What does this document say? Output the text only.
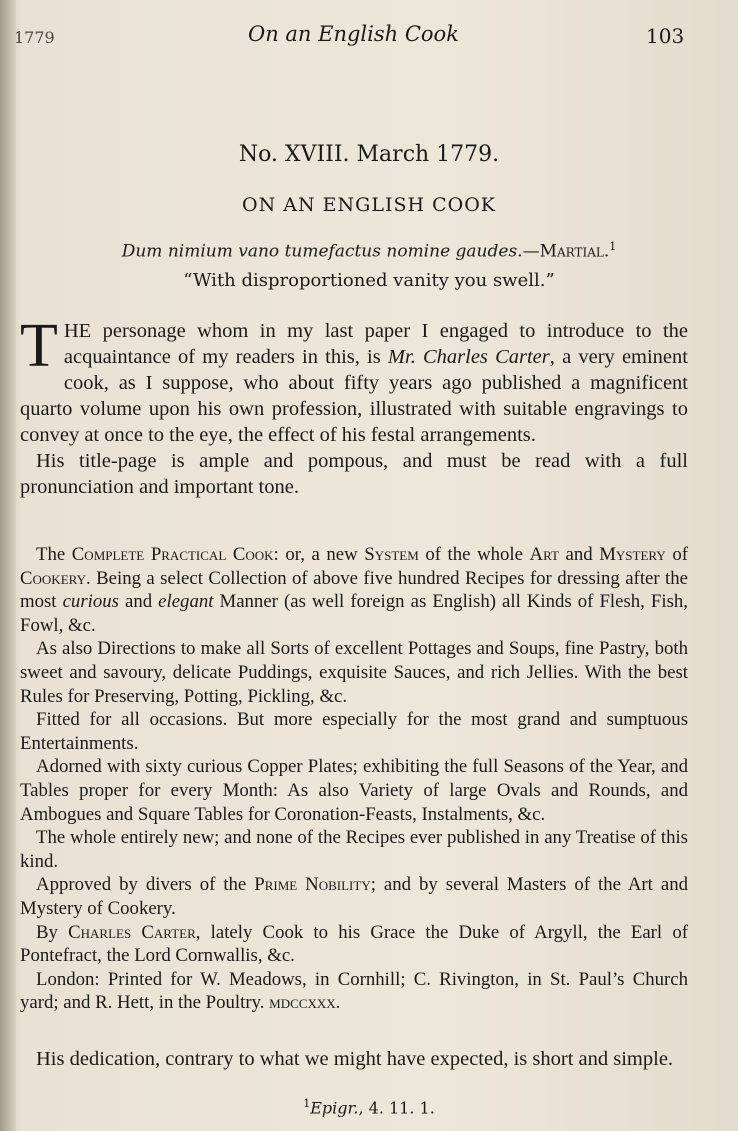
1779	On an English Cook	103
No. XVIII. March 1779.
ON AN ENGLISH COOK
Dum nimium vano tumefactus nomine gaudes.—Martial.$^1$
“With disproportioned vanity you swell.”

THE personage whom in my last paper I engaged to introduce to the acquaintance of my readers in this, is Mr. Charles Carter, a very eminent cook, as I suppose, who about fifty years ago published a magnificent quarto volume upon his own profession, illustrated with suitable engravings to convey at once to the eye, the effect of his festal arrangements.

His title-page is ample and pompous, and must be read with a full pronunciation and important tone.

The Complete Practical Cook: or, a new System of the whole Art and Mystery of Cookery. Being a select Collection of above five hundred Recipes for dressing after the most curious and elegant Manner (as well foreign as English) all Kinds of Flesh, Fish, Fowl, &c.

As also Directions to make all Sorts of excellent Pottages and Soups, fine Pastry, both sweet and savoury, delicate Puddings, exquisite Sauces, and rich Jellies. With the best Rules for Preserving, Potting, Pickling, &c.

Fitted for all occasions. But more especially for the most grand and sumptuous Entertainments.

Adorned with sixty curious Copper Plates; exhibiting the full Seasons of the Year, and Tables proper for every Month: As also Variety of large Ovals and Rounds, and Ambogues and Square Tables for Coronation-Feasts, Instalments, &c.

The whole entirely new; and none of the Recipes ever published in any Treatise of this kind.

Approved by divers of the Prime Nobility; and by several Masters of the Art and Mystery of Cookery.

By Charles Carter, lately Cook to his Grace the Duke of Argyll, the Earl of Pontefract, the Lord Cornwallis, &c.

London: Printed for W. Meadows, in Cornhill; C. Rivington, in St. Paul’s Church yard; and R. Hett, in the Poultry. mdccxxx.

His dedication, contrary to what we might have expected, is short and simple.

$^1$Epigr., 4. 11. 1.
